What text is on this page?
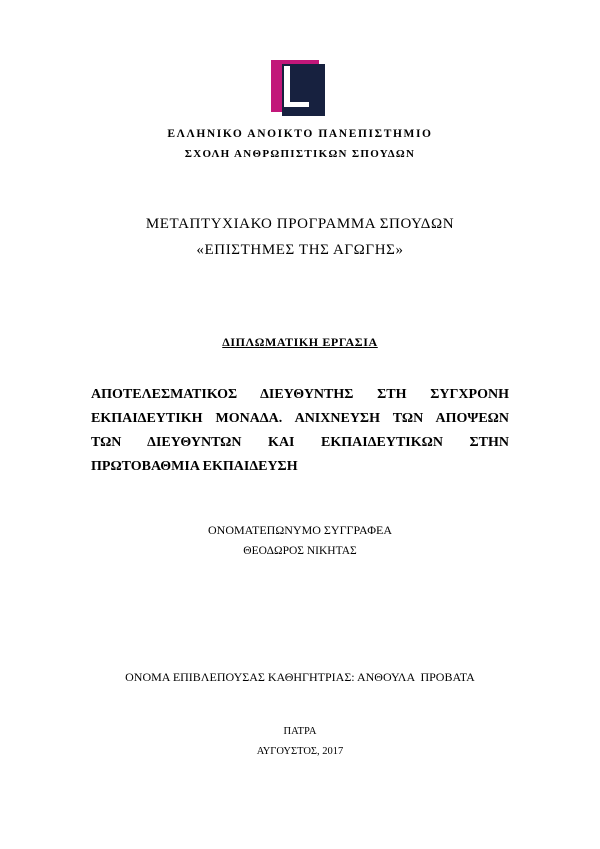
ΕΛΛΗΝΙΚΟ ΑΝΟΙΚΤΟ ΠΑΝΕΠΙΣΤΗΜΙΟ
ΣΧΟΛΗ ΑΝΘΡΩΠΙΣΤΙΚΩΝ ΣΠΟΥΔΩΝ
ΜΕΤΑΠΤΥΧΙΑΚΟ ΠΡΟΓΡΑΜΜΑ ΣΠΟΥΔΩΝ
«ΕΠΙΣΤΗΜΕΣ ΤΗΣ ΑΓΩΓΗΣ»
ΔΙΠΛΩΜΑΤΙΚΗ ΕΡΓΑΣΙΑ
ΑΠΟΤΕΛΕΣΜΑΤΙΚΟΣ ΔΙΕΥΘΥΝΤΗΣ ΣΤΗ ΣΥΓΧΡΟΝΗ
ΕΚΠΑΙΔΕΥΤΙΚΗ ΜΟΝΑΔΑ. ΑΝΙΧΝΕΥΣΗ ΤΩΝ ΑΠΟΨΕΩΝ
ΤΩΝ ΔΙΕΥΘΥΝΤΩΝ ΚΑΙ ΕΚΠΑΙΔΕΥΤΙΚΩΝ ΣΤΗΝ
ΠΡΩΤΟΒΑΘΜΙΑ ΕΚΠΑΙΔΕΥΣΗ
ΟΝΟΜΑΤΕΠΩΝΥΜΟ ΣΥΓΓΡΑΦΕΑ
ΘΕΟΔΩΡΟΣ ΝΙΚΗΤΑΣ
ΟΝΟΜΑ ΕΠΙΒΛΕΠΟΥΣΑΣ ΚΑΘΗΓΗΤΡΙΑΣ: ΑΝΘΟΥΛΑ  ΠΡΟΒΑΤΑ
ΠΑΤΡΑ
ΑΥΓΟΥΣΤΟΣ, 2017
